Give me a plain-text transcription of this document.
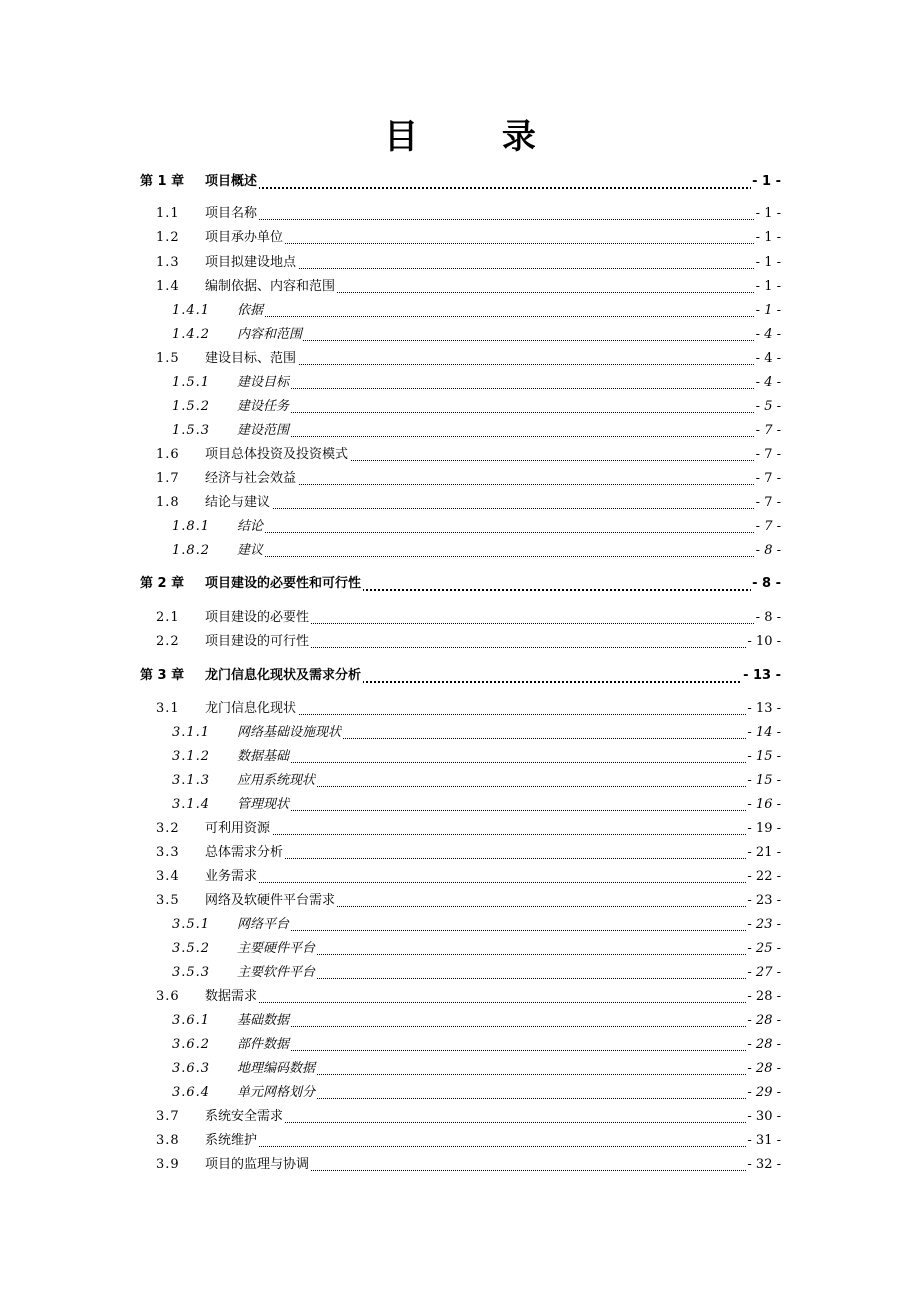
目 录
第 1 章 项目概述	- 1 -
1.1 项目名称	- 1 -
1.2 项目承办单位	- 1 -
1.3 项目拟建设地点	- 1 -
1.4 编制依据、内容和范围	- 1 -
1.4.1 依据	- 1 -
1.4.2 内容和范围	- 4 -
1.5 建设目标、范围	- 4 -
1.5.1 建设目标	- 4 -
1.5.2 建设任务	- 5 -
1.5.3 建设范围	- 7 -
1.6 项目总体投资及投资模式	- 7 -
1.7 经济与社会效益	- 7 -
1.8 结论与建议	- 7 -
1.8.1 结论	- 7 -
1.8.2 建议	- 8 -
第 2 章 项目建设的必要性和可行性	- 8 -
2.1 项目建设的必要性	- 8 -
2.2 项目建设的可行性	- 10 -
第 3 章 龙门信息化现状及需求分析	- 13 -
3.1 龙门信息化现状	- 13 -
3.1.1 网络基础设施现状	- 14 -
3.1.2 数据基础	- 15 -
3.1.3 应用系统现状	- 15 -
3.1.4 管理现状	- 16 -
3.2 可利用资源	- 19 -
3.3 总体需求分析	- 21 -
3.4 业务需求	- 22 -
3.5 网络及软硬件平台需求	- 23 -
3.5.1 网络平台	- 23 -
3.5.2 主要硬件平台	- 25 -
3.5.3 主要软件平台	- 27 -
3.6 数据需求	- 28 -
3.6.1 基础数据	- 28 -
3.6.2 部件数据	- 28 -
3.6.3 地理编码数据	- 28 -
3.6.4 单元网格划分	- 29 -
3.7 系统安全需求	- 30 -
3.8 系统维护	- 31 -
3.9 项目的监理与协调	- 32 -
